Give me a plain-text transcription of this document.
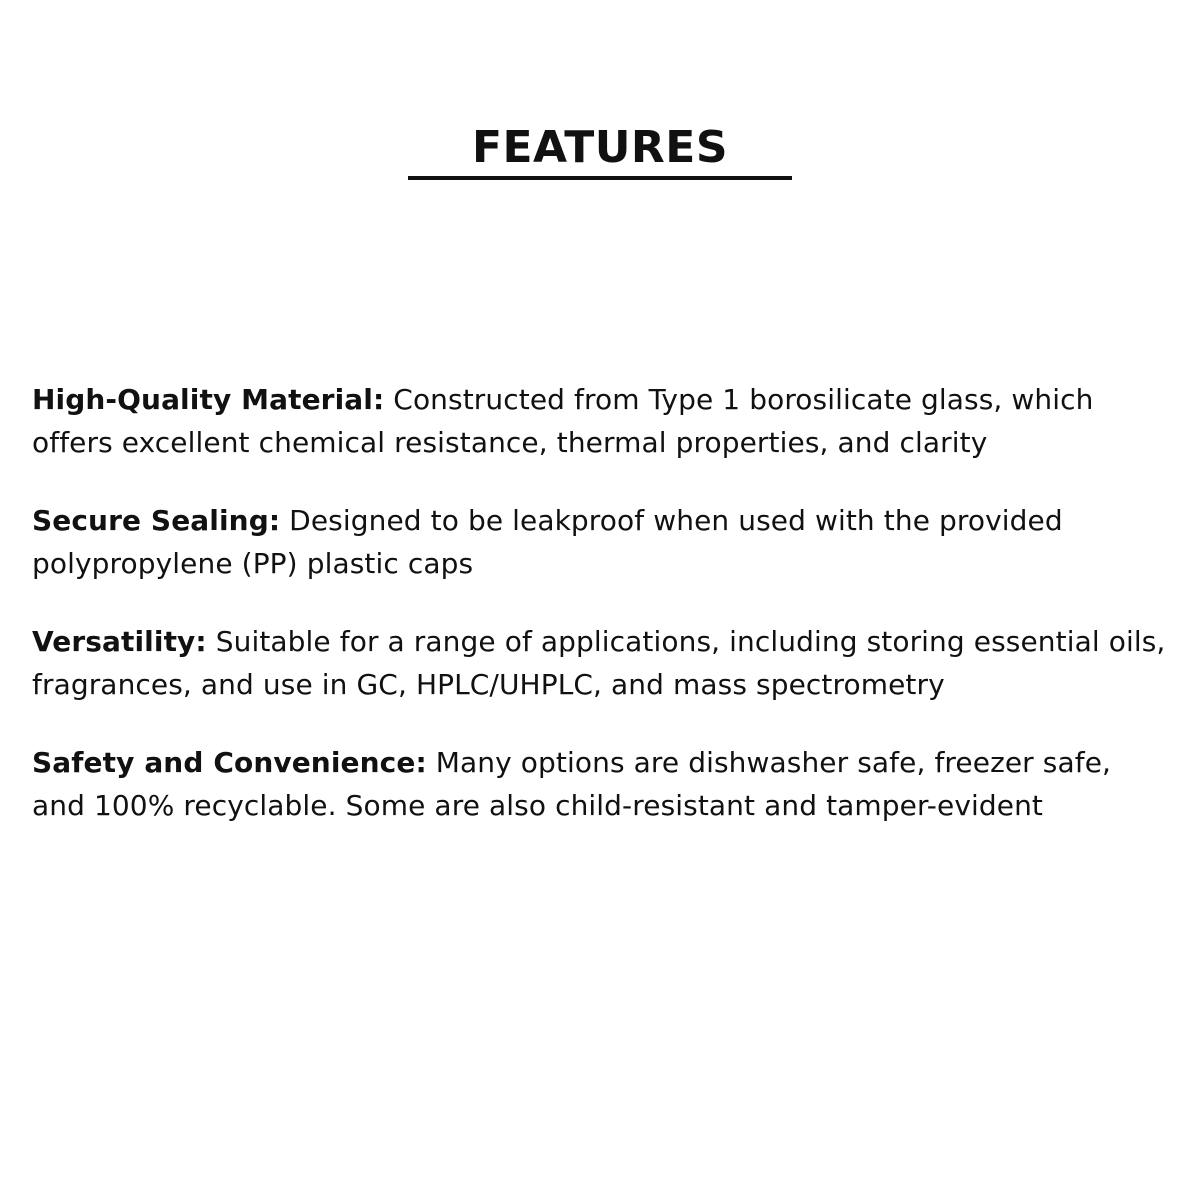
FEATURES
High-Quality Material: Constructed from Type 1 borosilicate glass, which offers excellent chemical resistance, thermal properties, and clarity
Secure Sealing: Designed to be leakproof when used with the provided polypropylene (PP) plastic caps
Versatility: Suitable for a range of applications, including storing essential oils, fragrances, and use in GC, HPLC/UHPLC, and mass spectrometry
Safety and Convenience: Many options are dishwasher safe, freezer safe, and 100% recyclable. Some are also child-resistant and tamper-evident
